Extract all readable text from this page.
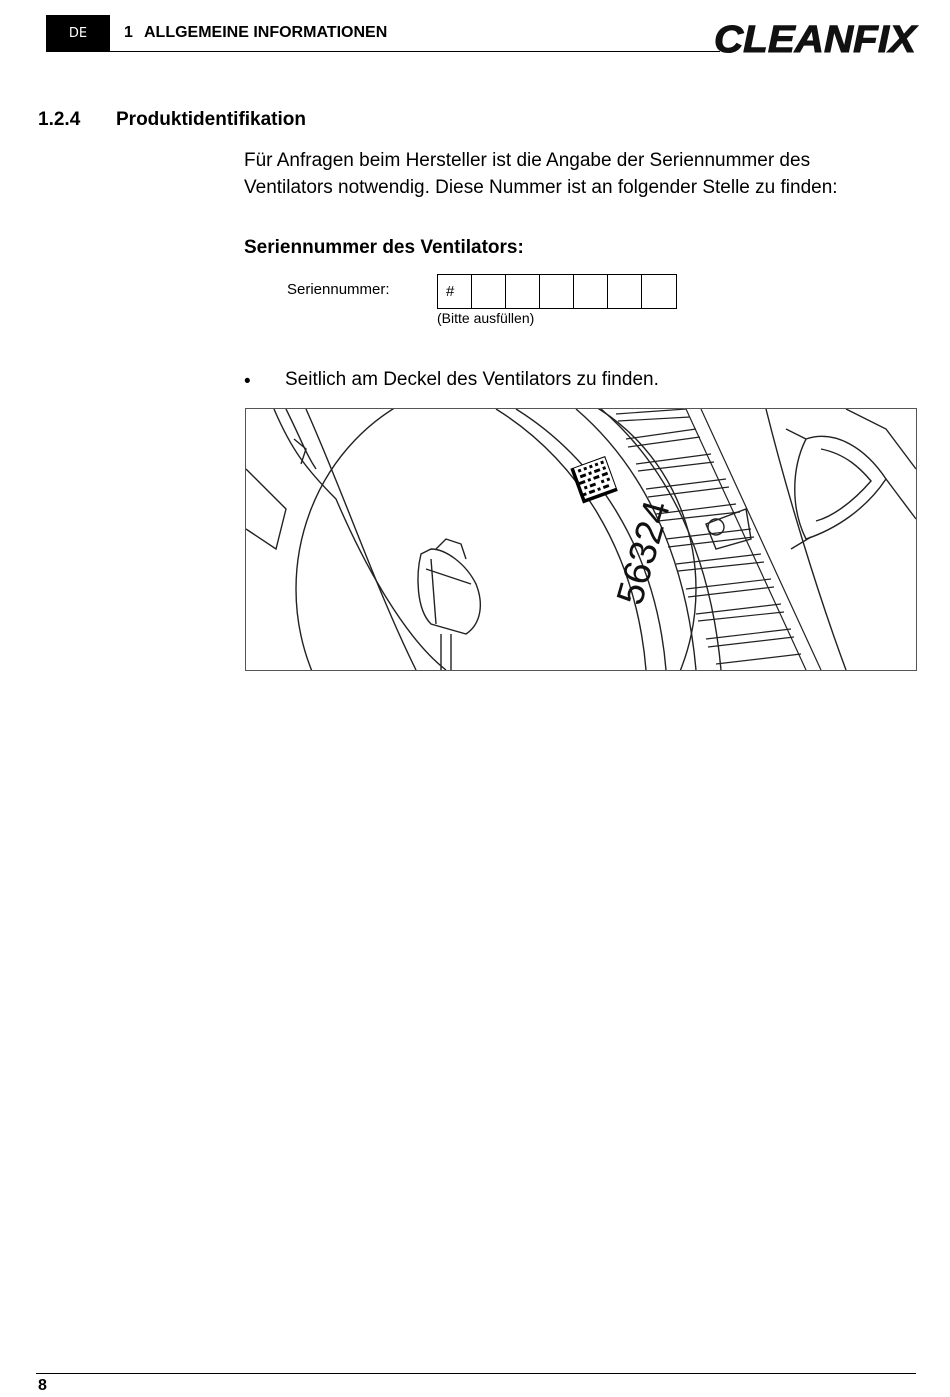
DE	1 ALLGEMEINE INFORMATIONEN	CLEANFIX
1.2.4 Produktidentifikation
Für Anfragen beim Hersteller ist die Angabe der Seriennummer des Ventilators notwendig. Diese Nummer ist an folgender Stelle zu finden:
Seriennummer des Ventilators:
Seriennummer:	#
(Bitte ausfüllen)
• Seitlich am Deckel des Ventilators zu finden.
56324
8
